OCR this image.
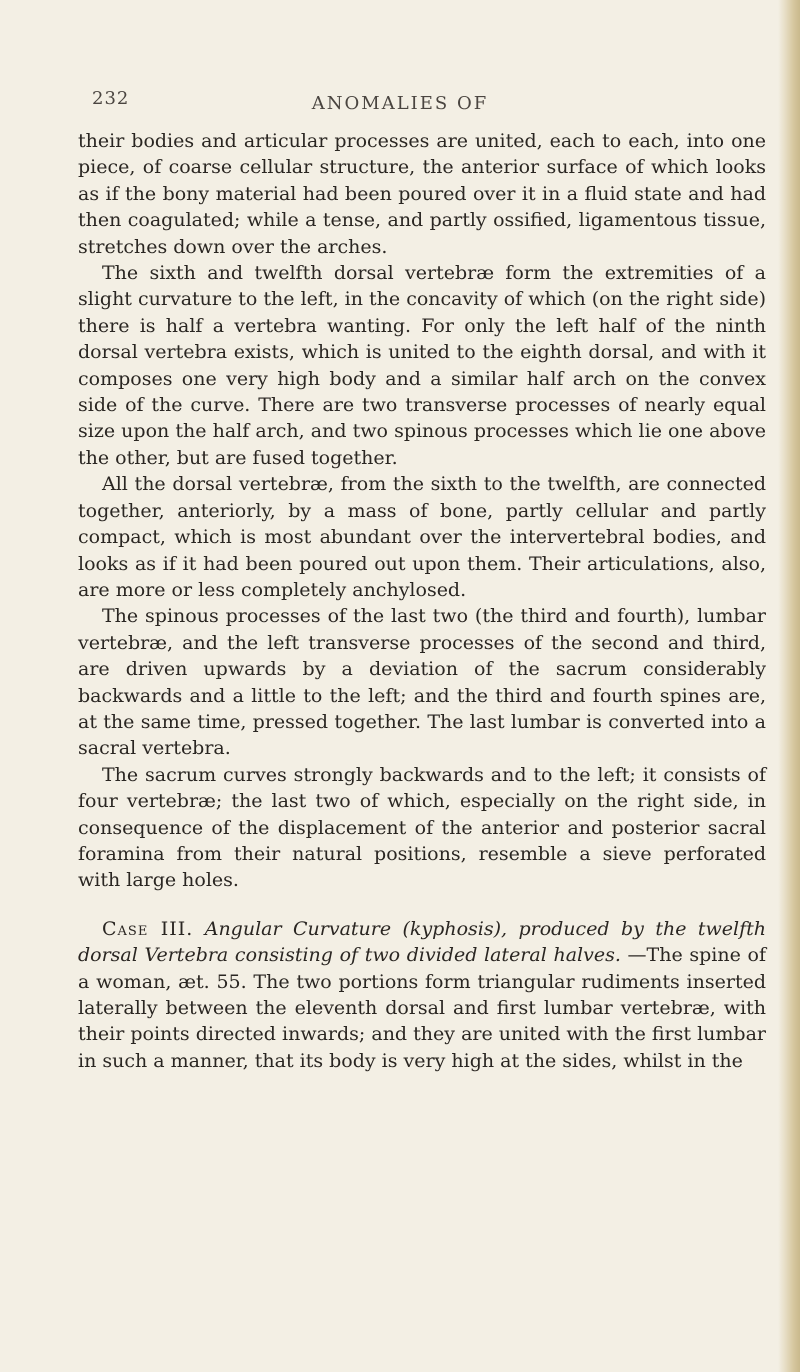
232	ANOMALIES OF

their bodies and articular processes are united, each to each, into one piece, of coarse cellular structure, the anterior surface of which looks as if the bony material had been poured over it in a fluid state and had then coagulated; while a tense, and partly ossified, ligamentous tissue, stretches down over the arches.

The sixth and twelfth dorsal vertebræ form the extremities of a slight curvature to the left, in the concavity of which (on the right side) there is half a vertebra wanting. For only the left half of the ninth dorsal vertebra exists, which is united to the eighth dorsal, and with it composes one very high body and a similar half arch on the convex side of the curve. There are two transverse processes of nearly equal size upon the half arch, and two spinous processes which lie one above the other, but are fused together.

All the dorsal vertebræ, from the sixth to the twelfth, are connected together, anteriorly, by a mass of bone, partly cellular and partly compact, which is most abundant over the intervertebral bodies, and looks as if it had been poured out upon them. Their articulations, also, are more or less completely anchylosed.

The spinous processes of the last two (the third and fourth), lumbar vertebræ, and the left transverse processes of the second and third, are driven upwards by a deviation of the sacrum considerably backwards and a little to the left; and the third and fourth spines are, at the same time, pressed together. The last lumbar is converted into a sacral vertebra.

The sacrum curves strongly backwards and to the left; it consists of four vertebræ; the last two of which, especially on the right side, in consequence of the displacement of the anterior and posterior sacral foramina from their natural positions, resemble a sieve perforated with large holes.

Case III. Angular Curvature (kyphosis), produced by the twelfth dorsal Vertebra consisting of two divided lateral halves. —The spine of a woman, æt. 55. The two portions form triangular rudiments inserted laterally between the eleventh dorsal and first lumbar vertebræ, with their points directed inwards; and they are united with the first lumbar in such a manner, that its body is very high at the sides, whilst in the
